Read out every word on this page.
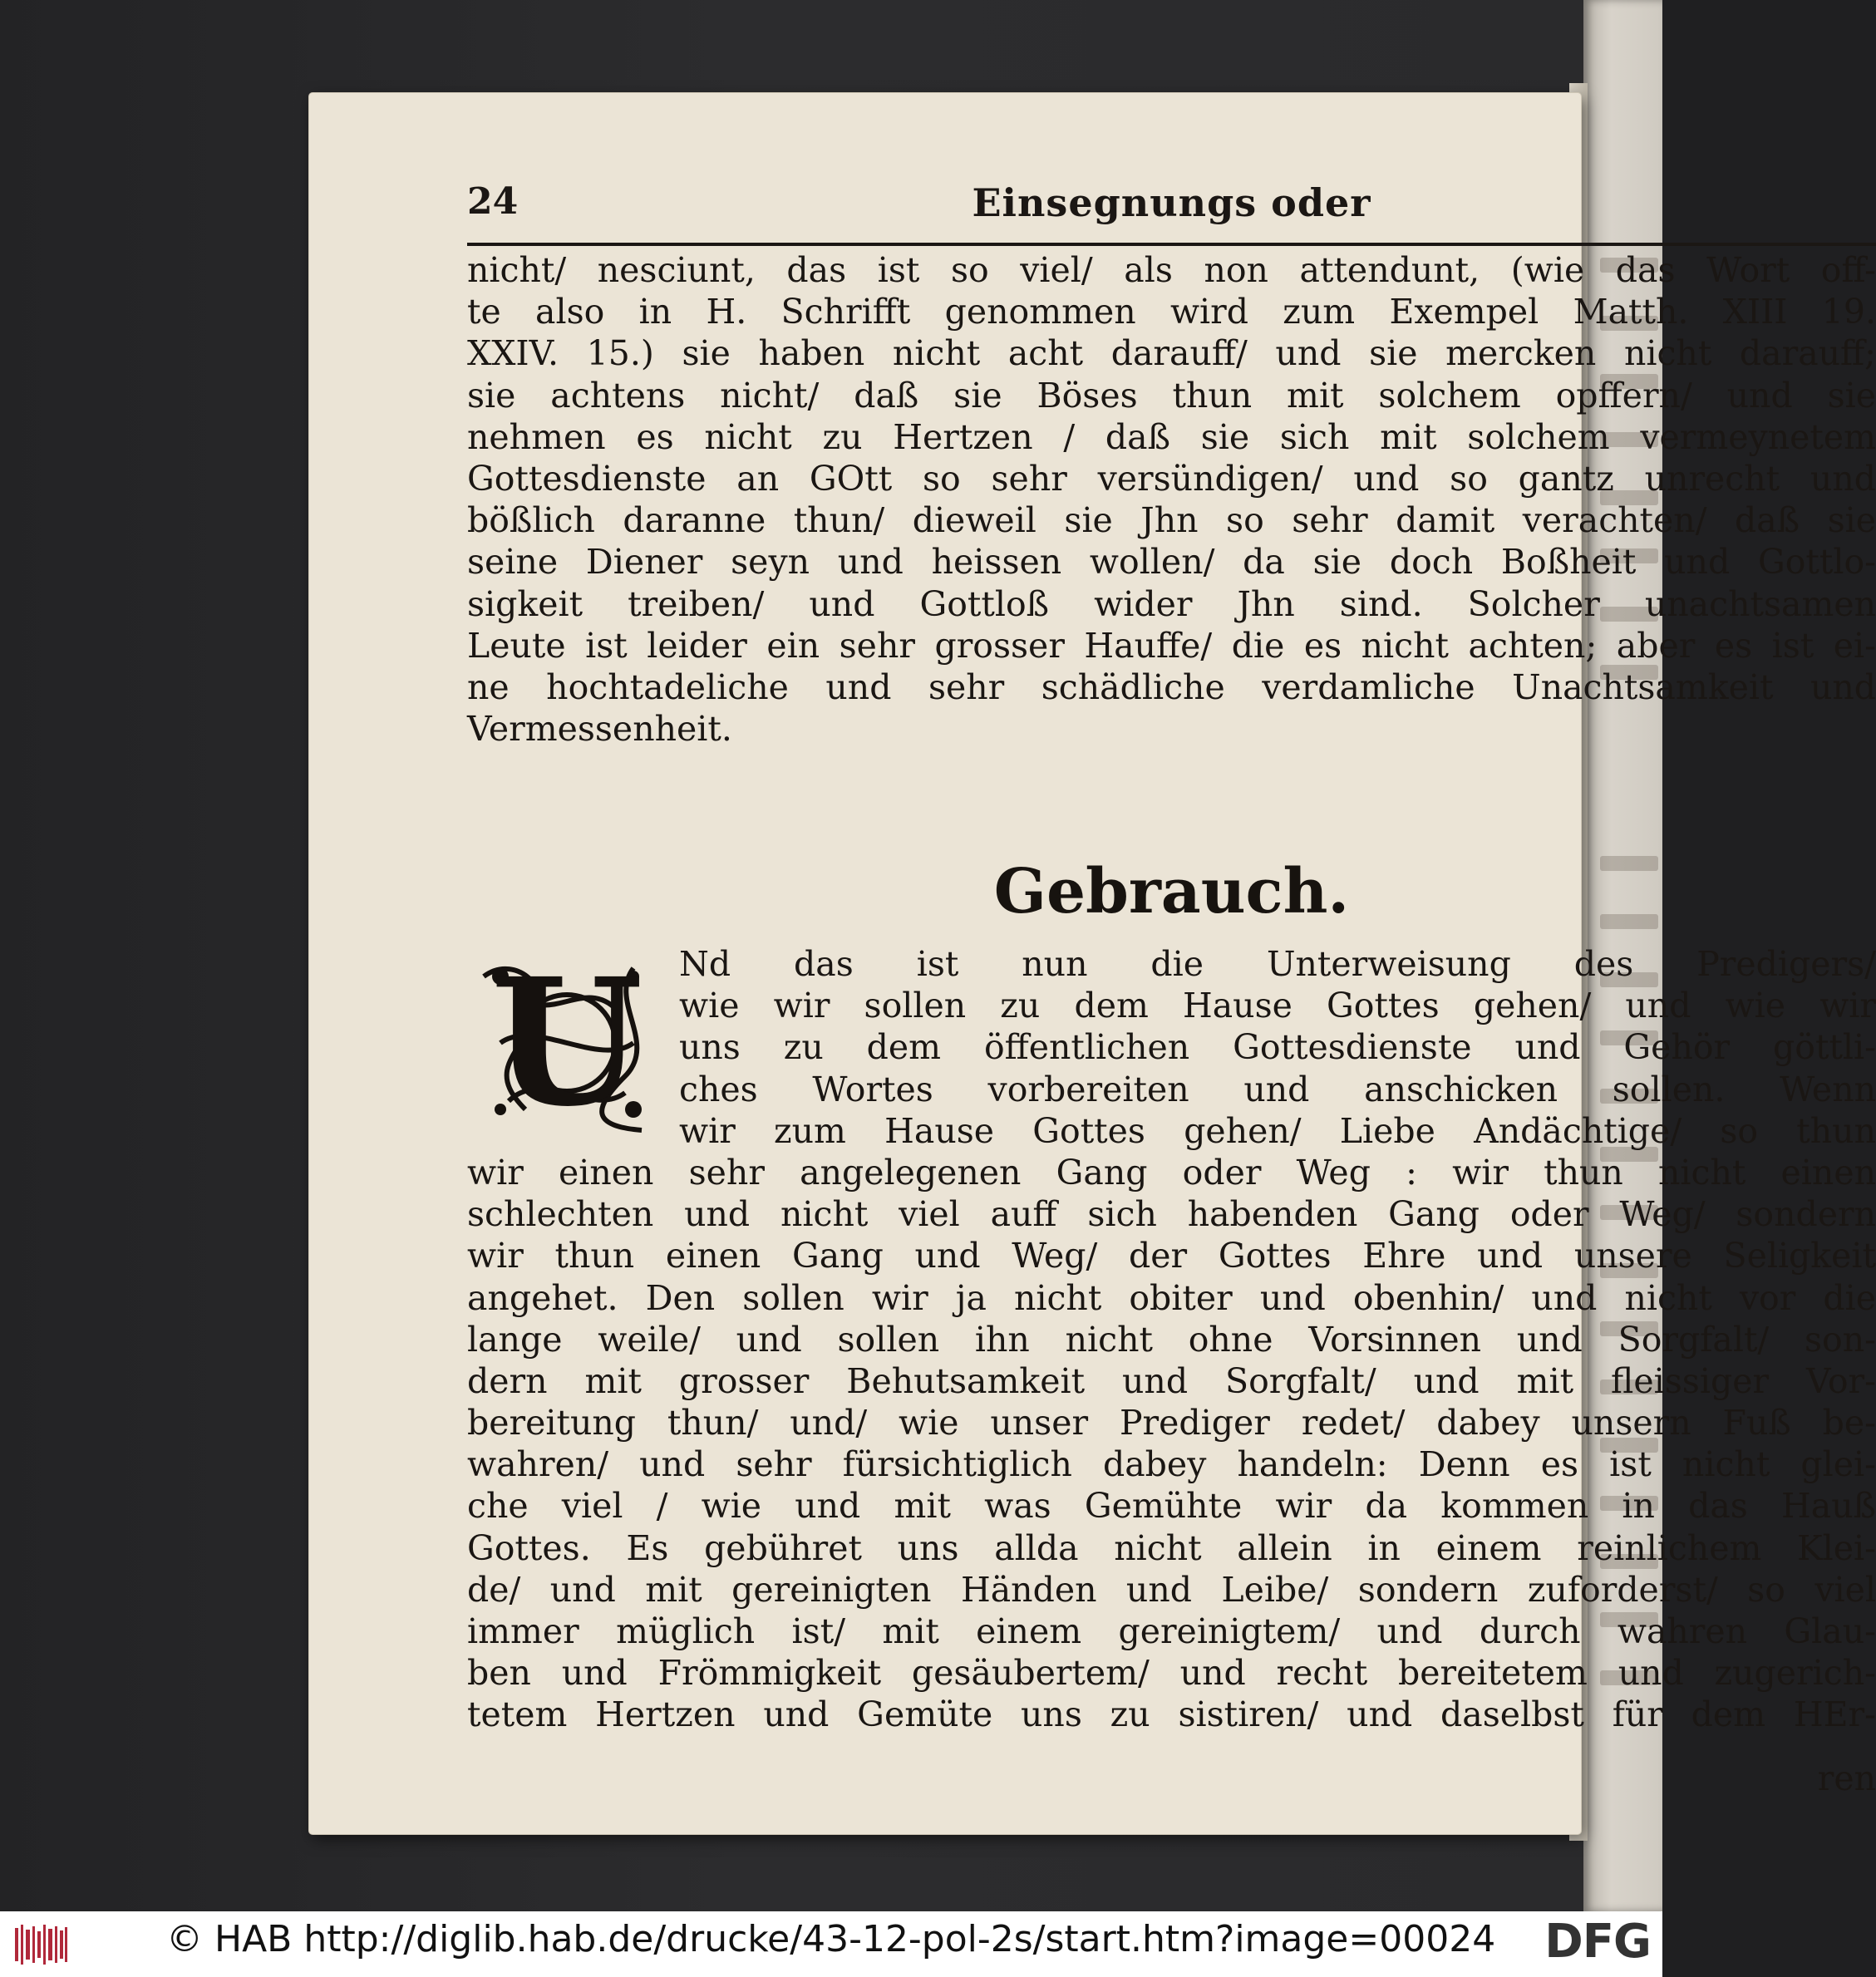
24	Einsegnungs oder
nicht/ nesciunt, das ist so viel/ als non attendunt, (wie das Wort off-
te also in H. Schrifft genommen wird zum Exempel Matth. XIII 19.
XXIV. 15.) sie haben nicht acht darauff/ und sie mercken nicht darauff;
sie achtens nicht/ daß sie Böses thun mit solchem opffern/ und sie
nehmen es nicht zu Hertzen / daß sie sich mit solchem vermeynetem
Gottesdienste an GOtt so sehr versündigen/ und so gantz unrecht und
bößlich daranne thun/ dieweil sie Jhn so sehr damit verachten/ daß sie
seine Diener seyn und heissen wollen/ da sie doch Boßheit und Gottlo-
sigkeit treiben/ und Gottloß wider Jhn sind. Solcher unachtsamen
Leute ist leider ein sehr grosser Hauffe/ die es nicht achten; aber es ist ei-
ne hochtadeliche und sehr schädliche verdamliche Unachtsamkeit und
Vermessenheit.
Gebrauch.
U	Nd das ist nun die Unterweisung des Predigers/
wie wir sollen zu dem Hause Gottes gehen/ und wie wir
uns zu dem öffentlichen Gottesdienste und Gehör göttli-
ches Wortes vorbereiten und anschicken sollen. Wenn
wir zum Hause Gottes gehen/ Liebe Andächtige/ so thun
wir einen sehr angelegenen Gang oder Weg : wir thun nicht einen
schlechten und nicht viel auff sich habenden Gang oder Weg/ sondern
wir thun einen Gang und Weg/ der Gottes Ehre und unsere Seligkeit
angehet. Den sollen wir ja nicht obiter und obenhin/ und nicht vor die
lange weile/ und sollen ihn nicht ohne Vorsinnen und Sorgfalt/ son-
dern mit grosser Behutsamkeit und Sorgfalt/ und mit fleissiger Vor-
bereitung thun/ und/ wie unser Prediger redet/ dabey unsern Fuß be-
wahren/ und sehr fürsichtiglich dabey handeln: Denn es ist nicht glei-
che viel / wie und mit was Gemühte wir da kommen in das Hauß
Gottes. Es gebühret uns allda nicht allein in einem reinlichem Klei-
de/ und mit gereinigten Händen und Leibe/ sondern zuforderst/ so viel
immer müglich ist/ mit einem gereinigtem/ und durch wahren Glau-
ben und Frömmigkeit gesäubertem/ und recht bereitetem und zugerich-
tetem Hertzen und Gemüte uns zu sistiren/ und daselbst für dem HEr-
ren
© HAB http://diglib.hab.de/drucke/43-12-pol-2s/start.htm?image=00024 DFG
